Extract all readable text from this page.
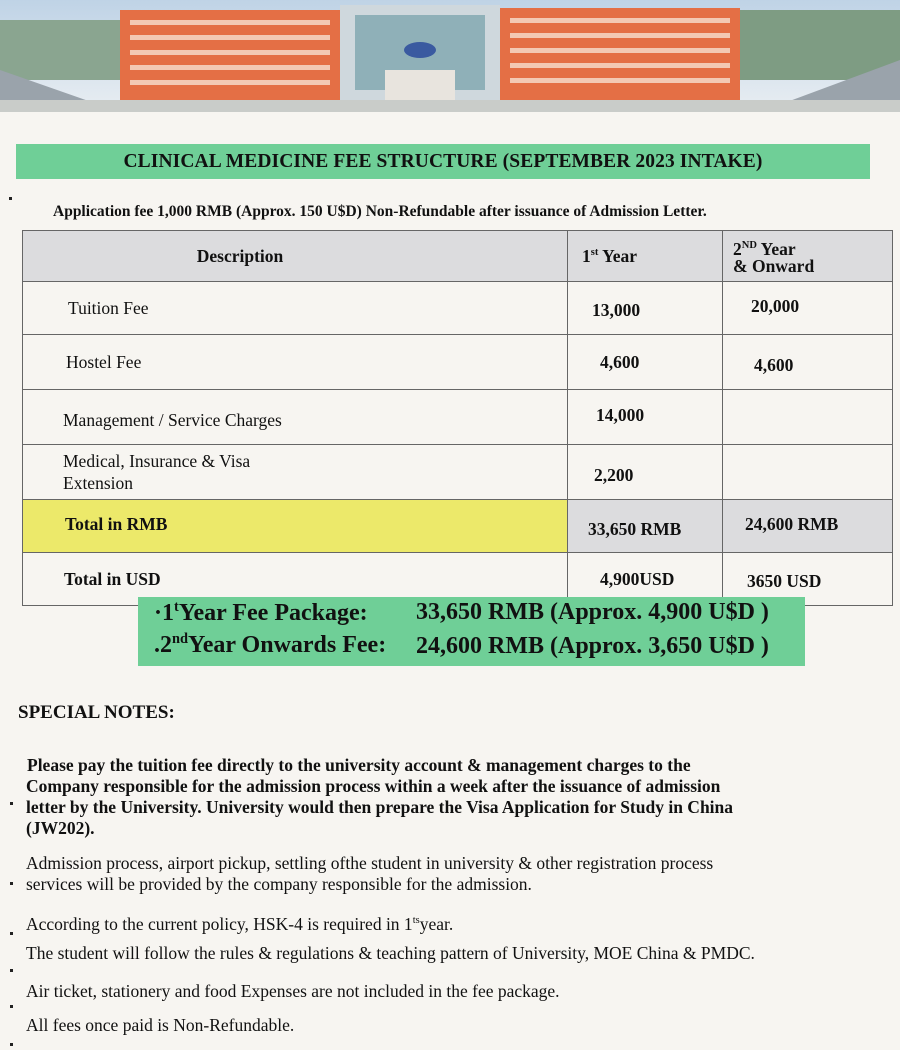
CLINICAL MEDICINE FEE STRUCTURE (SEPTEMBER 2023 INTAKE)
Application fee 1,000 RMB (Approx. 150 U$D) Non-Refundable after issuance of Admission Letter.
Description	1st Year	2ND Year
& Onward

Tuition Fee	13,000	20,000
Hostel Fee	4,600	4,600
Management / Service Charges	14,000	

Medical, Insurance & Visa
Extension	2,200	
Total in RMB	33,650 RMB	24,600 RMB
Total in USD	4,900USD	3650 USD
$\cdot 1^tYear$ Fee Package: 33,650 RMB (Approx. 4,900 U$D )
.2ndYear Onwards Fee: 24,600 RMB (Approx. 3,650 U$D )
SPECIAL NOTES:
Please pay the tuition fee directly to the university account & management charges to the
Company responsible for the admission process within a week after the issuance of admission
letter by the University. University would then prepare the Visa Application for Study in China
(JW202).
Admission process, airport pickup, settling ofthe student in university & other registration process
services will be provided by the company responsible for the admission.
According to the current policy, HSK-4 is required in $1^{ts}year$.
The student will follow the rules & regulations & teaching pattern of University, MOE China & PMDC.
Air ticket, stationery and food Expenses are not included in the fee package.
All fees once paid is Non-Refundable.
